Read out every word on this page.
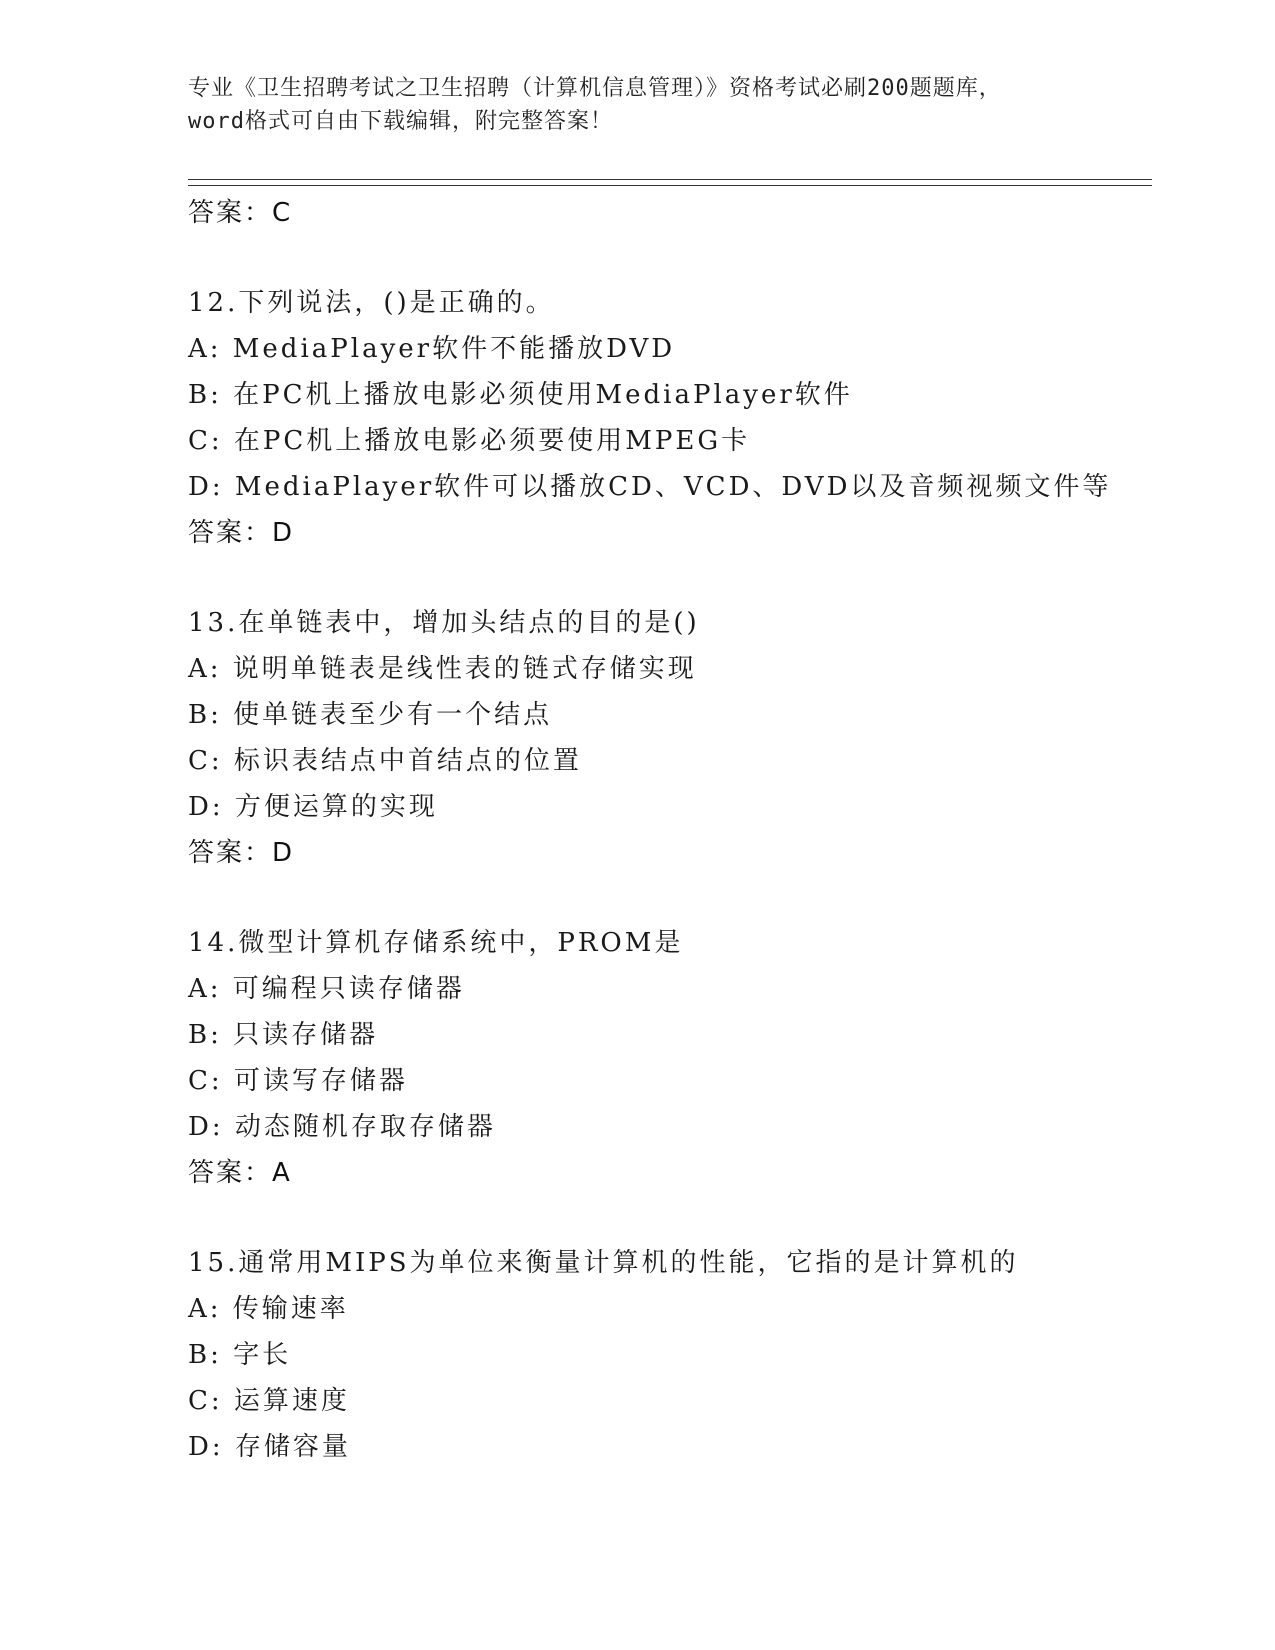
专业《卫生招聘考试之卫生招聘（计算机信息管理）》资格考试必刷200题题库，
word格式可自由下载编辑，附完整答案！
答案：C
12.下列说法，()是正确的。
A: MediaPlayer软件不能播放DVD
B: 在PC机上播放电影必须使用MediaPlayer软件
C: 在PC机上播放电影必须要使用MPEG卡
D: MediaPlayer软件可以播放CD、VCD、DVD以及音频视频文件等
答案：D
13.在单链表中，增加头结点的目的是()
A: 说明单链表是线性表的链式存储实现
B: 使单链表至少有一个结点
C: 标识表结点中首结点的位置
D: 方便运算的实现
答案：D
14.微型计算机存储系统中，PROM是
A: 可编程只读存储器
B: 只读存储器
C: 可读写存储器
D: 动态随机存取存储器
答案：A
15.通常用MIPS为单位来衡量计算机的性能，它指的是计算机的
A: 传输速率
B: 字长
C: 运算速度
D: 存储容量
